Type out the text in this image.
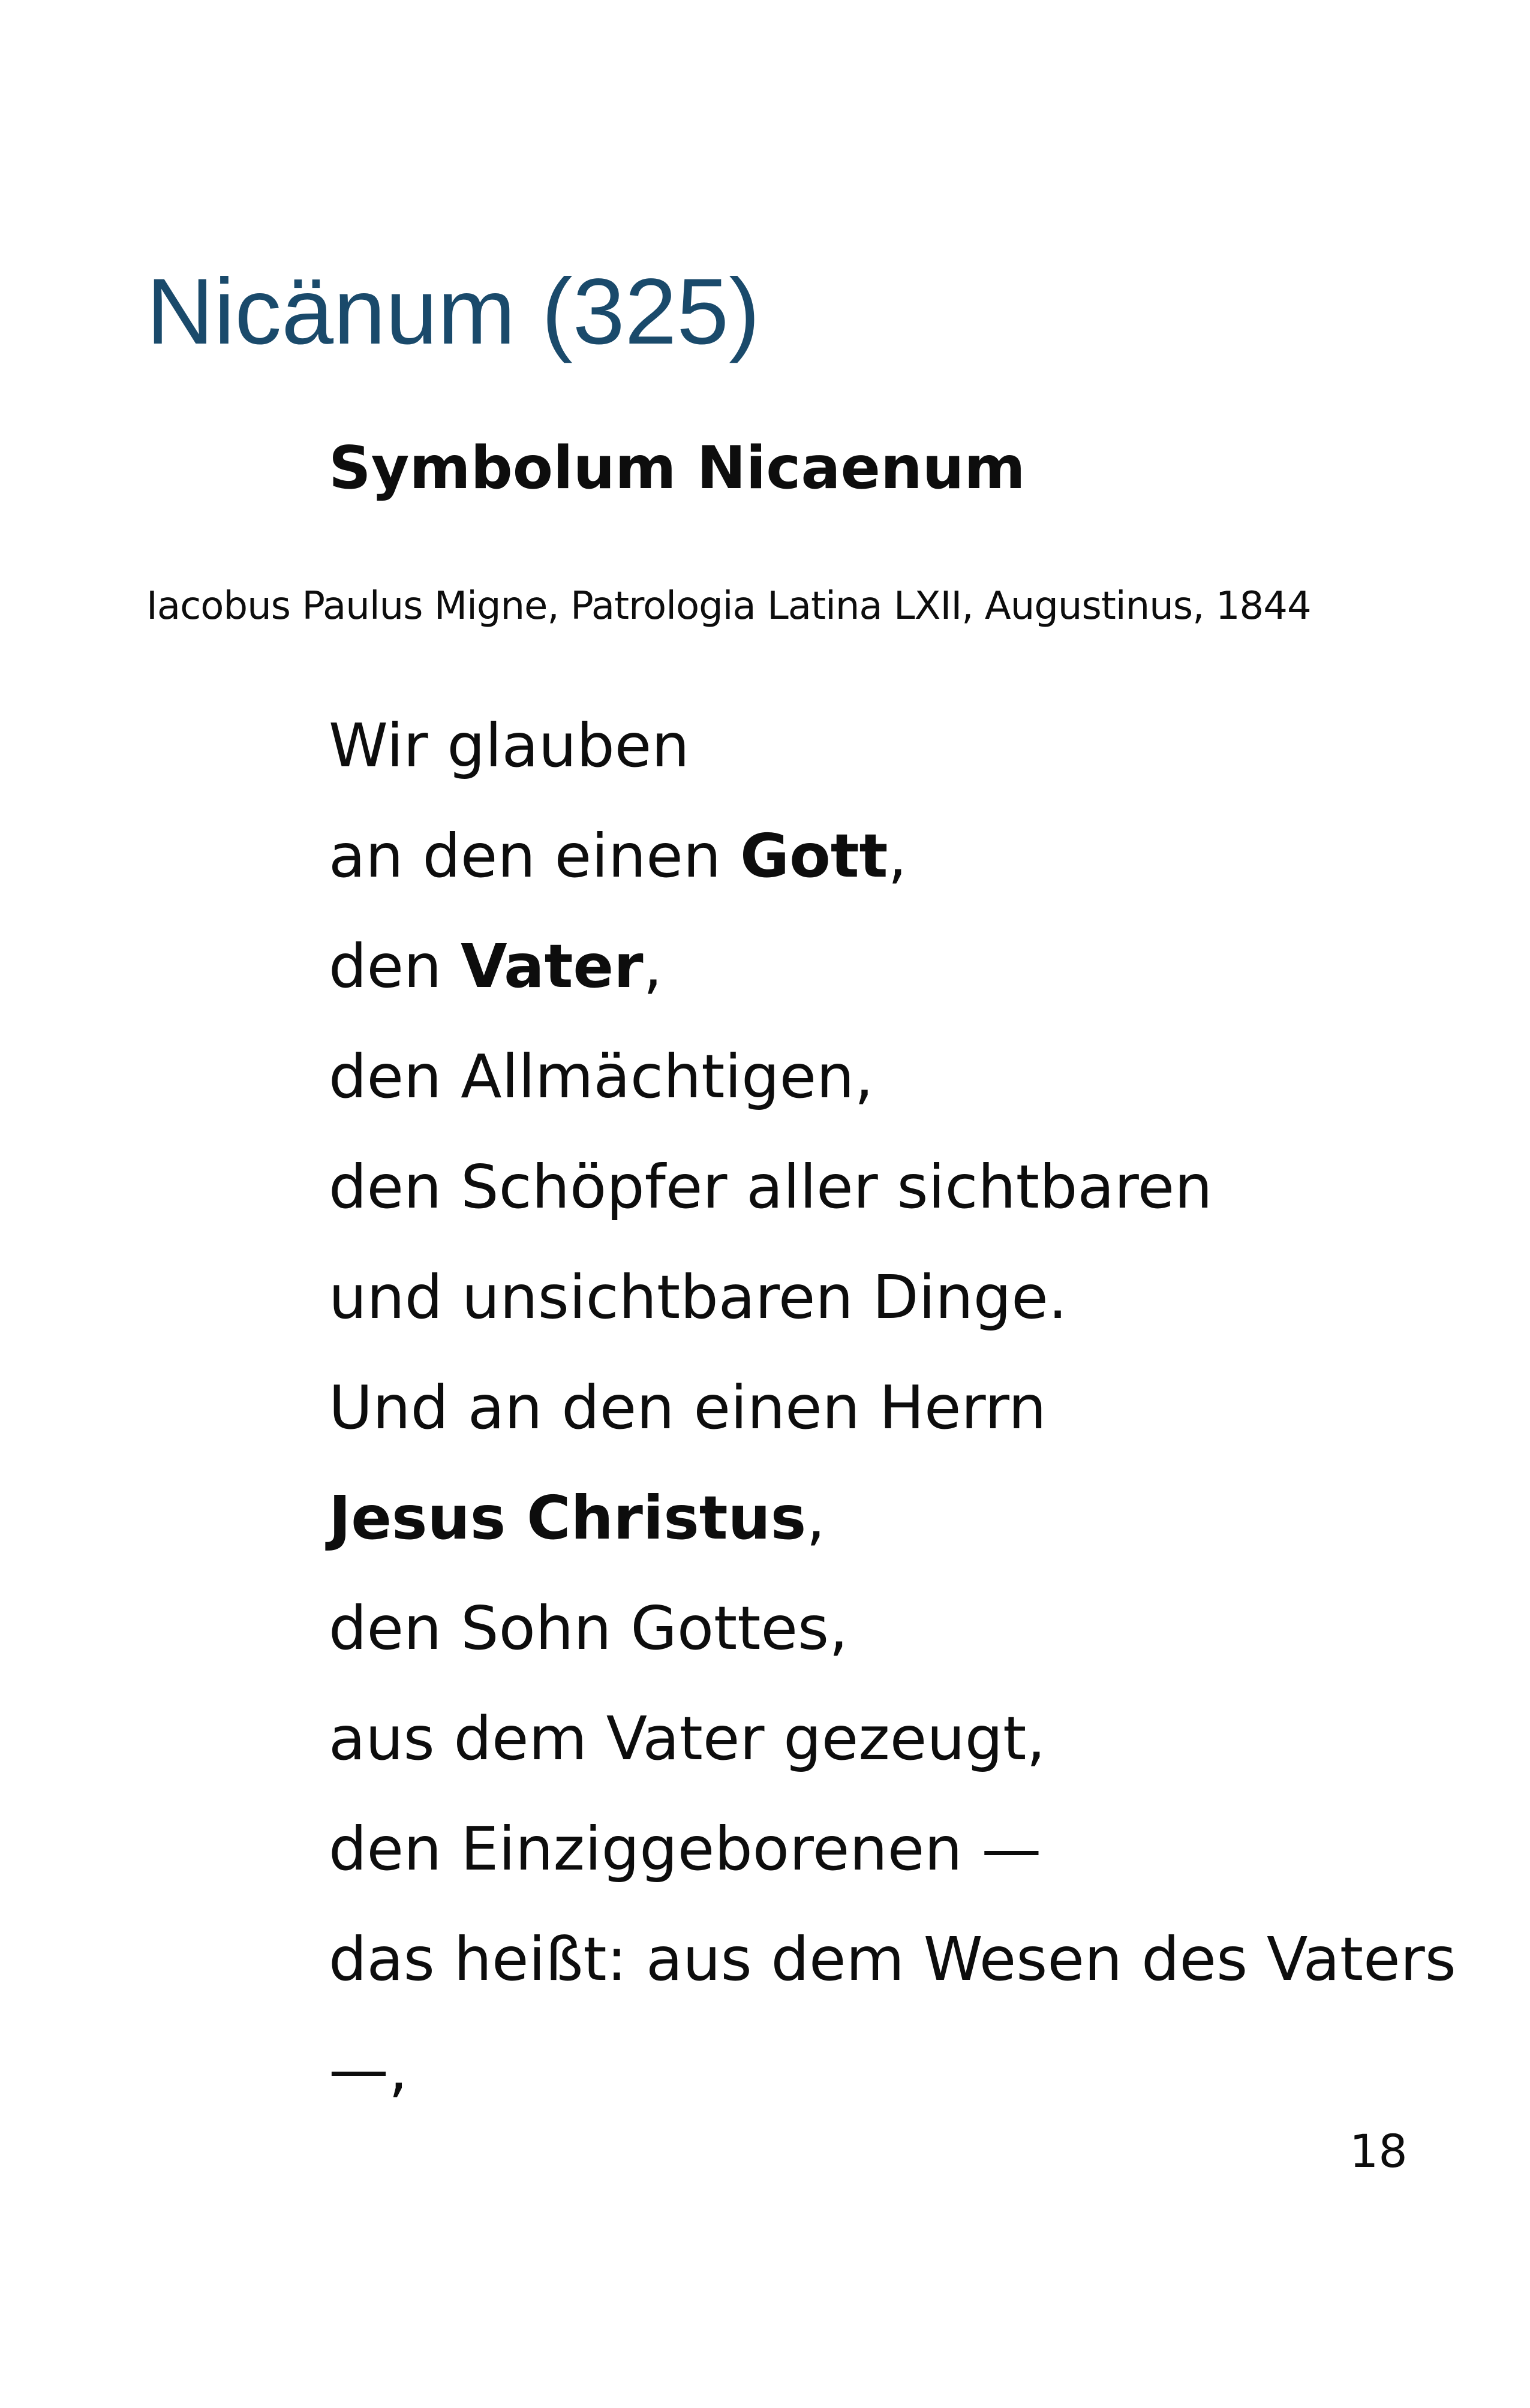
Nicänum (325)
Symbolum Nicaenum

Iacobus Paulus Migne, Patrologia Latina LXII, Augustinus, 1844

Wir glauben
an den einen Gott,
den Vater,
den Allmächtigen,
den Schöpfer aller sichtbaren
und unsichtbaren Dinge.
Und an den einen Herrn
Jesus Christus,
den Sohn Gottes,
aus dem Vater gezeugt,
den Einziggeborenen —
das heißt: aus dem Wesen des Vaters
—,
18
